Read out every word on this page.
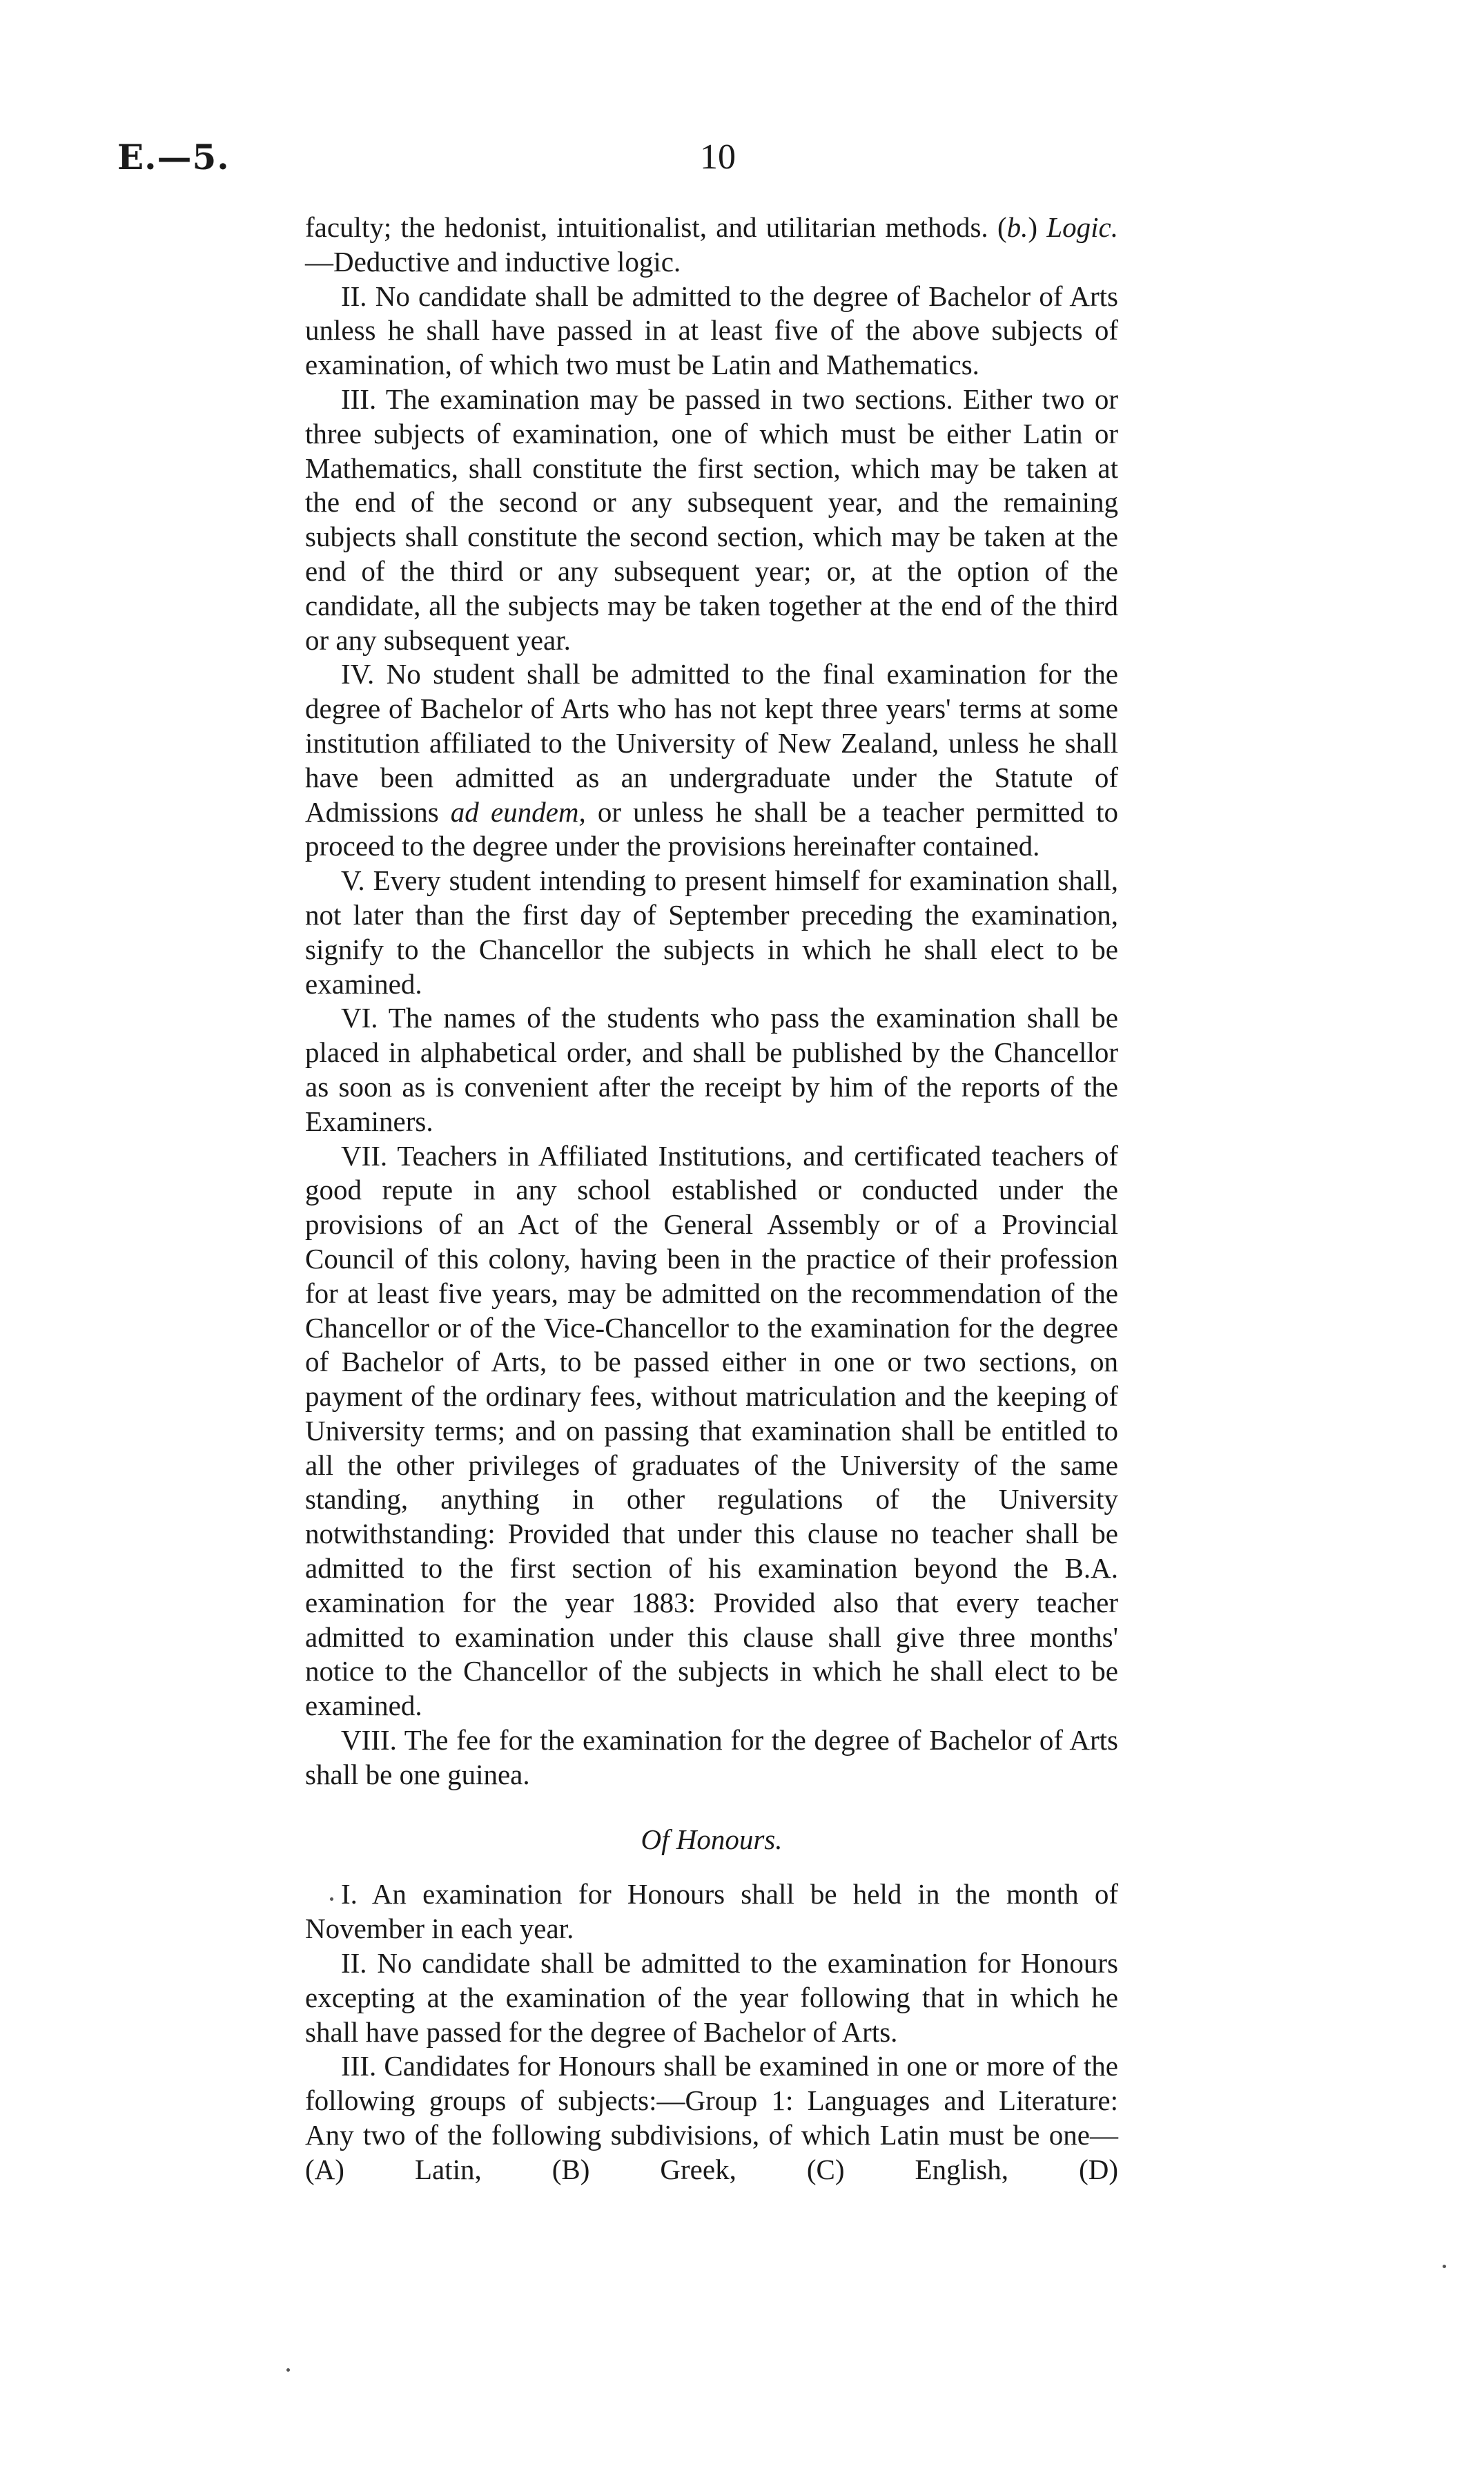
E.—5.	10

faculty; the hedonist, intuitionalist, and utilitarian methods. (b.) Logic.—Deductive and inductive logic.

II. No candidate shall be admitted to the degree of Bachelor of Arts unless he shall have passed in at least five of the above subjects of examination, of which two must be Latin and Mathematics.

III. The examination may be passed in two sections. Either two or three subjects of examination, one of which must be either Latin or Mathematics, shall constitute the first section, which may be taken at the end of the second or any subsequent year, and the remaining subjects shall constitute the second section, which may be taken at the end of the third or any subsequent year; or, at the option of the candidate, all the subjects may be taken together at the end of the third or any subsequent year.

IV. No student shall be admitted to the final examination for the degree of Bachelor of Arts who has not kept three years' terms at some institution affiliated to the University of New Zealand, unless he shall have been admitted as an undergraduate under the Statute of Admissions ad eundem, or unless he shall be a teacher permitted to proceed to the degree under the provisions hereinafter contained.

V. Every student intending to present himself for examination shall, not later than the first day of September preceding the examination, signify to the Chancellor the subjects in which he shall elect to be examined.

VI. The names of the students who pass the examination shall be placed in alphabetical order, and shall be published by the Chancellor as soon as is convenient after the receipt by him of the reports of the Examiners.

VII. Teachers in Affiliated Institutions, and certificated teachers of good repute in any school established or conducted under the provisions of an Act of the General Assembly or of a Provincial Council of this colony, having been in the practice of their profession for at least five years, may be admitted on the recommendation of the Chancellor or of the Vice-Chancellor to the examination for the degree of Bachelor of Arts, to be passed either in one or two sections, on payment of the ordinary fees, without matriculation and the keeping of University terms; and on passing that examination shall be entitled to all the other privileges of graduates of the University of the same standing, anything in other regulations of the University notwithstanding: Provided that under this clause no teacher shall be admitted to the first section of his examination beyond the B.A. examination for the year 1883: Provided also that every teacher admitted to examination under this clause shall give three months' notice to the Chancellor of the subjects in which he shall elect to be examined.

VIII. The fee for the examination for the degree of Bachelor of Arts shall be one guinea.

Of Honours.

I. An examination for Honours shall be held in the month of November in each year.

II. No candidate shall be admitted to the examination for Honours excepting at the examination of the year following that in which he shall have passed for the degree of Bachelor of Arts.

III. Candidates for Honours shall be examined in one or more of the following groups of subjects:—Group 1: Languages and Literature: Any two of the following subdivisions, of which Latin must be one—(A) Latin, (B) Greek, (C) English, (D)
